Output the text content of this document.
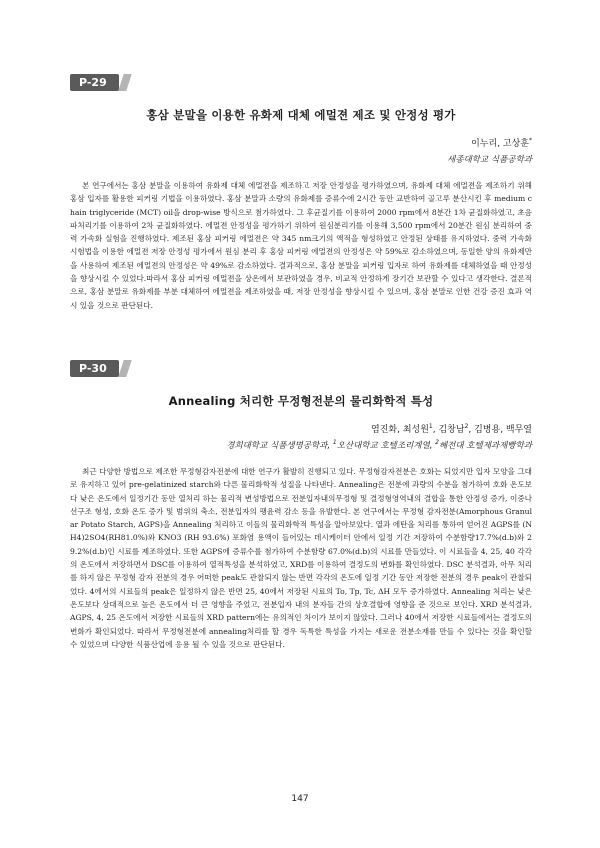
P-29
홍삼 분말을 이용한 유화제 대체 에멀젼 제조 및 안정성 평가
이누리, 고상훈*
세종대학교 식품공학과

본 연구에서는 홍삼 분말을 이용하여 유화제 대체 에멀젼을 제조하고 저장 안정성을 평가하였으며, 유화제 대체 에멀젼을 제조하기 위해홍삼 입자를 활용한 피커링 기법을 이용하였다. 홍삼 분말과 소량의 유화제를 증류수에 2시간 동안 교반하여 골고루 분산시킨 후 medium chain triglyceride (MCT) oil을 drop-wise 방식으로 첨가하였다. 그 후균질기를 이용하여 2000 rpm에서 8분간 1차 균질화하였고, 초음파처리기를 이용하여 2차 균질화하였다. 에멀젼 안정성을 평가하기 위하여 원심분리기를 이용해 3,500 rpm에서 20분간 원심 분리하여 중력 가속화 실험을 진행하였다. 제조된 홍삼 피커링 에멀젼은 약 345 nm크기의 액적을 형성하였고 안정된 상태를 유지하였다. 중력 가속화 시험법을 이용한 에멀젼 저장 안정성 평가에서 원심 분리 후 홍삼 피커링 에멀젼의 안정성은 약 59%로 감소하였으며, 동일한 양의 유화제만을 사용하여 제조된 에멀젼의 안정성은 약 49%로 감소하였다. 결과적으로, 홍삼 분말을 피커링 입자로 하여 유화제를 대체하였을 때 안정성을 향상시킬 수 있었다.따라서 홍삼 피커링 에멀젼을 상온에서 보관하였을 경우, 비교적 안정하게 장기간 보관할 수 있다고 생각한다. 결론적으로, 홍삼 분말로 유화제를 부분 대체하여 에멀젼을 제조하였을 때, 저장 안정성을 향상시킬 수 있으며, 홍삼 분말로 인한 건강 증진 효과 역시 있을 것으로 판단된다.

P-30
Annealing 처리한 무정형전분의 물리화학적 특성
염진화, 최성원$^1$, 김창남$^2$, 김병용, 백무열
경희대학교 식품생명공학과, $^1$오산대학교 호텔조리계열, $^2$혜전대 호텔제과제빵학과

최근 다양한 방법으로 제조한 무정형감자전분에 대한 연구가 활발히 진행되고 있다. 무정형감자전분은 호화는 되었지만 입자 모양을 그대로 유지하고 있어 pre-gelatinized starch와 다른 물리화학적 성질을 나타낸다. Annealing은 전분에 과량의 수분을 첨가하여 호화 온도보다 낮은 온도에서 일정기간 동안 열처리 하는 물리적 변성방법으로 전분입자내의무정형 및 결정형영역내의 결합을 통한 안정성 증가, 이중나선구조 형성, 호화 온도 증가 및 범위의 축소, 전분입자의 팽윤력 감소 등을 유발한다. 본 연구에서는 무정형 감자전분(Amorphous Granular Potato Starch, AGPS)을 Annealing 처리하고 이들의 물리화학적 특성을 알아보았다. 열과 에탄올 처리를 통하여 얻어진 AGPS를 (NH4)2SO4(RH81.0%)와 KNO3 (RH 93.6%) 포화염 용액이 들어있는 데시케이터 안에서 일정 기간 저장하여 수분함량17.7%(d.b)와 29.2%(d.b)인 시료를 제조하였다. 또한 AGPS에 증류수를 첨가하여 수분함량 67.0%(d.b)의 시료를 만들었다. 이 시료들을 4, 25, 40 각각의 온도에서 저장하면서 DSC를 이용하여 열적특성을 분석하였고, XRD를 이용하여 결정도의 변화를 확인하였다. DSC 분석결과, 아무 처리를 하지 않은 무정형 감자 전분의 경우 어떠한 peak도 관찰되지 않는 반면 각각의 온도에 일정 기간 동안 저장한 전분의 경우 peak이 관찰되었다. 4에서의 시료들의 peak은 일정하지 않은 반면 25, 40에서 저장된 시료의 To, Tp, Tc, ΔH 모두 증가하였다. Annealing 처리는 낮은 온도보다 상대적으로 높은 온도에서 더 큰 영향을 주었고, 전분입자 내의 분자들 간의 상호결합에 영향을 준 것으로 보인다. XRD 분석결과, AGPS, 4, 25 온도에서 저장한 시료들의 XRD pattern에는 유의적인 차이가 보이지 않았다. 그러나 40에서 저장한 시료들에서는 결정도의 변화가 확인되었다. 따라서 무정형전분에 annealing처리를 할 경우 독특한 특성을 가지는 새로운 전분소재를 만들 수 있다는 것을 확인할 수 있었으며 다양한 식품산업에 응용 될 수 있을 것으로 판단된다.

147
